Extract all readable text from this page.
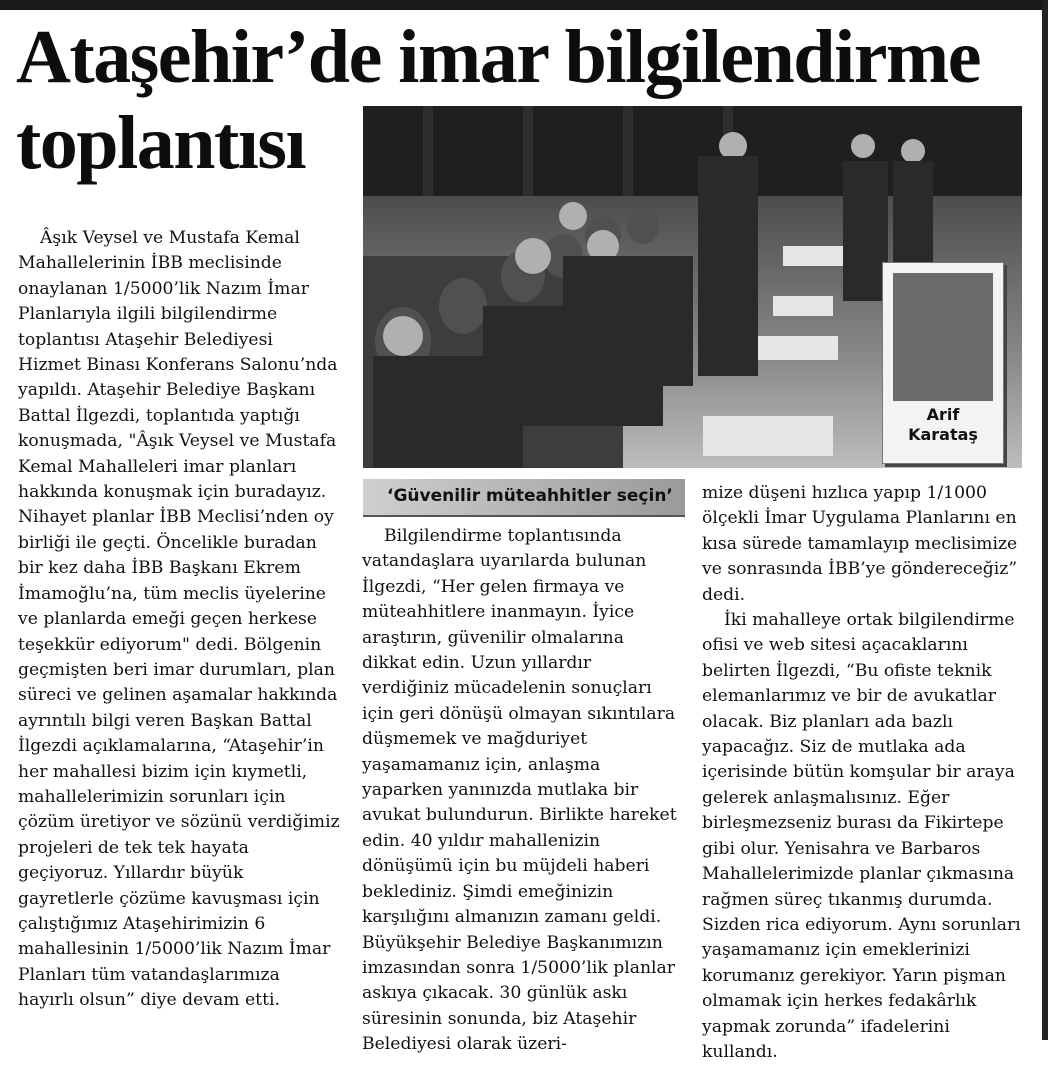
Ataşehir’de imar bilgilendirme
toplantısı

Âşık Veysel ve Mustafa Kemal Mahallelerinin İBB meclisinde onaylanan 1/5000’lik Nazım İmar Planlarıyla ilgili bilgilendirme toplantısı Ataşehir Belediyesi Hizmet Binası Konferans Salonu’nda yapıldı. Ataşehir Belediye Başkanı Battal İlgezdi, toplantıda yaptığı konuşmada, "Âşık Veysel ve Mustafa Kemal Mahalleleri imar planları hakkında konuşmak için buradayız. Nihayet planlar İBB Meclisi’nden oy birliği ile geçti. Öncelikle buradan bir kez daha İBB Başkanı Ekrem İmamoğlu’na, tüm meclis üyelerine ve planlarda emeği geçen herkese teşekkür ediyorum" dedi. Bölgenin geçmişten beri imar durumları, plan süreci ve gelinen aşamalar hakkında ayrıntılı bilgi veren Başkan Battal İlgezdi açıklamalarına, “Ataşehir’in her mahallesi bizim için kıymetli, mahallelerimizin sorunları için çözüm üretiyor ve sözünü verdiğimiz projeleri de tek tek hayata geçiyoruz. Yıllardır büyük gayretlerle çözüme kavuşması için çalıştığımız Ataşehirimizin 6 mahallesinin 1/5000’lik Nazım İmar Planları tüm vatandaşlarımıza hayırlı olsun” diye devam etti.

Arif
Karataş
‘Güvenilir müteahhitler seçin’

Bilgilendirme toplantısında vatandaşlara uyarılarda bulunan İlgezdi, “Her gelen firmaya ve müteahhitlere inanmayın. İyice araştırın, güvenilir olmalarına dikkat edin. Uzun yıllardır verdiğiniz mücadelenin sonuçları için geri dönüşü olmayan sıkıntılara düşmemek ve mağduriyet yaşamamanız için, anlaşma yaparken yanınızda mutlaka bir avukat bulundurun. Birlikte hareket edin. 40 yıldır mahallenizin dönüşümü için bu müjdeli haberi beklediniz. Şimdi emeğinizin karşılığını almanızın zamanı geldi. Büyükşehir Belediye Başkanımızın imzasından sonra 1/5000’lik planlar askıya çıkacak. 30 günlük askı süresinin sonunda, biz Ataşehir Belediyesi olarak üzeri-

mize düşeni hızlıca yapıp 1/1000 ölçekli İmar Uygulama Planlarını en kısa sürede tamamlayıp meclisimize ve sonrasında İBB’ye göndereceğiz” dedi.

İki mahalleye ortak bilgilendirme ofisi ve web sitesi açacaklarını belirten İlgezdi, “Bu ofiste teknik elemanlarımız ve bir de avukatlar olacak. Biz planları ada bazlı yapacağız. Siz de mutlaka ada içerisinde bütün komşular bir araya gelerek anlaşmalısınız. Eğer birleşmezseniz burası da Fikirtepe gibi olur. Yenisahra ve Barbaros Mahallelerimizde planlar çıkmasına rağmen süreç tıkanmış durumda. Sizden rica ediyorum. Aynı sorunları yaşamamanız için emeklerinizi korumanız gerekiyor. Yarın pişman olmamak için herkes fedakârlık yapmak zorunda” ifadelerini kullandı.
